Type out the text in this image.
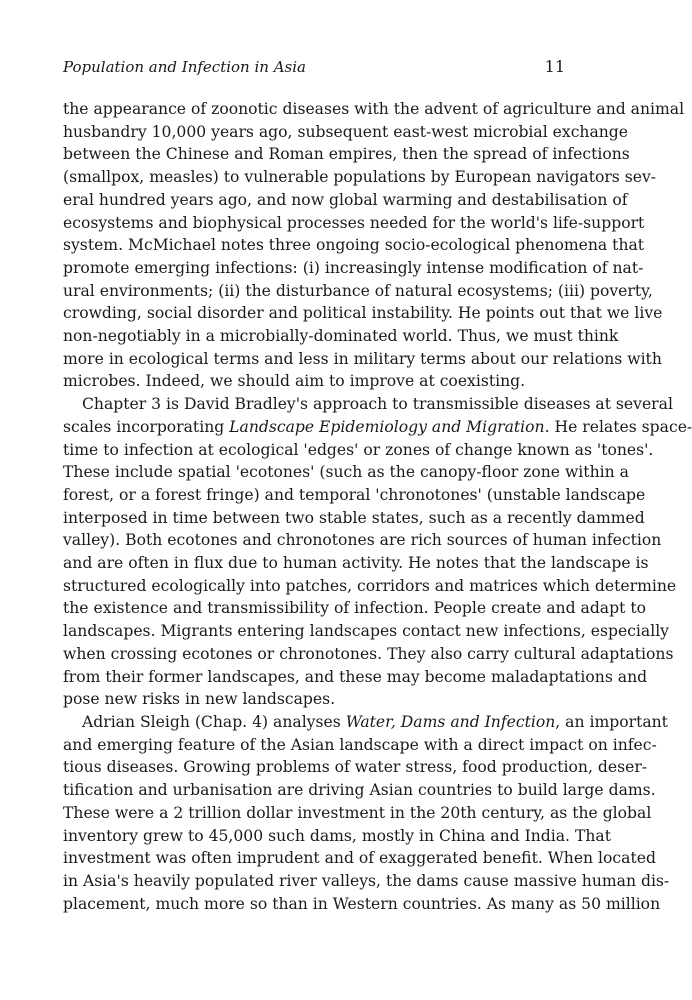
Population and Infection in Asia	11
the appearance of zoonotic diseases with the advent of agriculture and animal
husbandry 10,000 years ago, subsequent east-west microbial exchange
between the Chinese and Roman empires, then the spread of infections
(smallpox, measles) to vulnerable populations by European navigators sev-
eral hundred years ago, and now global warming and destabilisation of
ecosystems and biophysical processes needed for the world's life-support
system. McMichael notes three ongoing socio-ecological phenomena that
promote emerging infections: (i) increasingly intense modification of nat-
ural environments; (ii) the disturbance of natural ecosystems; (iii) poverty,
crowding, social disorder and political instability. He points out that we live
non-negotiably in a microbially-dominated world. Thus, we must think
more in ecological terms and less in military terms about our relations with
microbes. Indeed, we should aim to improve at coexisting.
Chapter 3 is David Bradley's approach to transmissible diseases at several
scales incorporating Landscape Epidemiology and Migration. He relates space-
time to infection at ecological 'edges' or zones of change known as 'tones'.
These include spatial 'ecotones' (such as the canopy-floor zone within a
forest, or a forest fringe) and temporal 'chronotones' (unstable landscape
interposed in time between two stable states, such as a recently dammed
valley). Both ecotones and chronotones are rich sources of human infection
and are often in flux due to human activity. He notes that the landscape is
structured ecologically into patches, corridors and matrices which determine
the existence and transmissibility of infection. People create and adapt to
landscapes. Migrants entering landscapes contact new infections, especially
when crossing ecotones or chronotones. They also carry cultural adaptations
from their former landscapes, and these may become maladaptations and
pose new risks in new landscapes.
Adrian Sleigh (Chap. 4) analyses Water, Dams and Infection, an important
and emerging feature of the Asian landscape with a direct impact on infec-
tious diseases. Growing problems of water stress, food production, deser-
tification and urbanisation are driving Asian countries to build large dams.
These were a 2 trillion dollar investment in the 20th century, as the global
inventory grew to 45,000 such dams, mostly in China and India. That
investment was often imprudent and of exaggerated benefit. When located
in Asia's heavily populated river valleys, the dams cause massive human dis-
placement, much more so than in Western countries. As many as 50 million
